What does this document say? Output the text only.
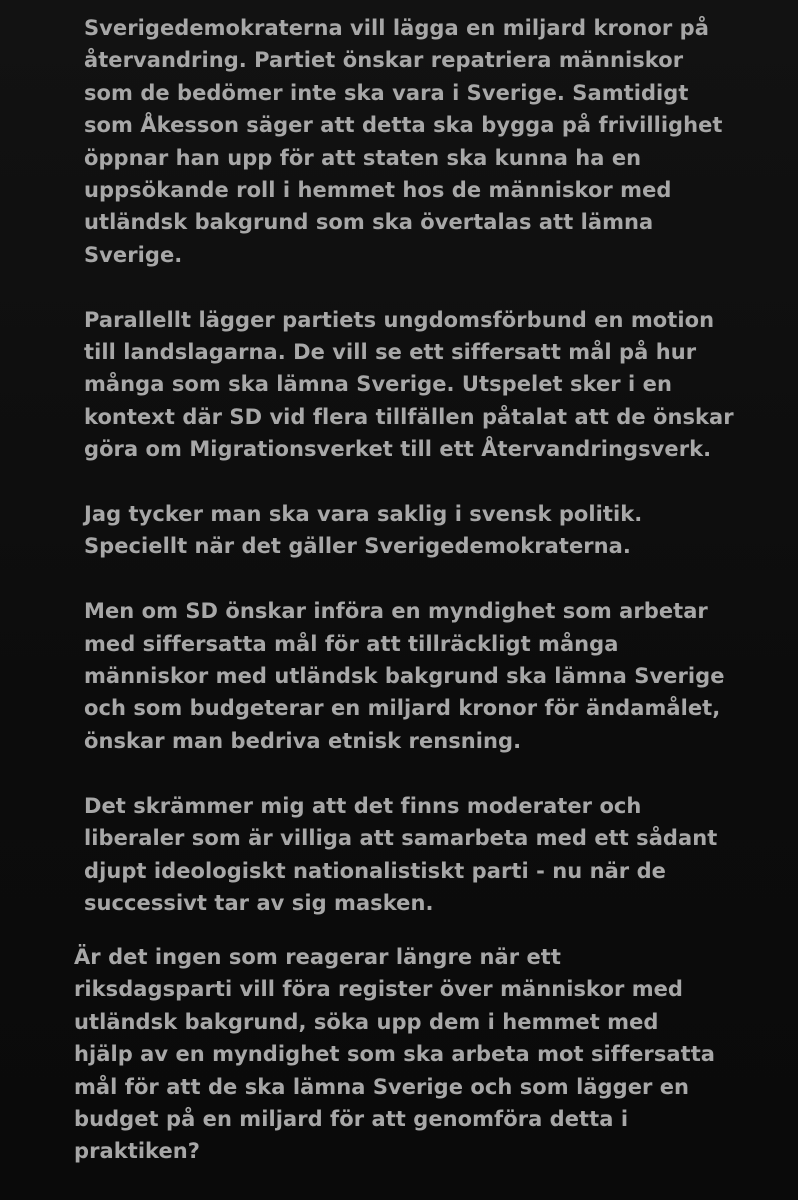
Sverigedemokraterna vill lägga en miljard kronor på
återvandring. Partiet önskar repatriera människor
som de bedömer inte ska vara i Sverige. Samtidigt
som Åkesson säger att detta ska bygga på frivillighet
öppnar han upp för att staten ska kunna ha en
uppsökande roll i hemmet hos de människor med
utländsk bakgrund som ska övertalas att lämna
Sverige.

Parallellt lägger partiets ungdomsförbund en motion
till landslagarna. De vill se ett siffersatt mål på hur
många som ska lämna Sverige. Utspelet sker i en
kontext där SD vid flera tillfällen påtalat att de önskar
göra om Migrationsverket till ett Återvandringsverk.

Jag tycker man ska vara saklig i svensk politik.
Speciellt när det gäller Sverigedemokraterna.

Men om SD önskar införa en myndighet som arbetar
med siffersatta mål för att tillräckligt många
människor med utländsk bakgrund ska lämna Sverige
och som budgeterar en miljard kronor för ändamålet,
önskar man bedriva etnisk rensning.

Det skrämmer mig att det finns moderater och
liberaler som är villiga att samarbeta med ett sådant
djupt ideologiskt nationalistiskt parti - nu när de
successivt tar av sig masken.

Är det ingen som reagerar längre när ett
riksdagsparti vill föra register över människor med
utländsk bakgrund, söka upp dem i hemmet med
hjälp av en myndighet som ska arbeta mot siffersatta
mål för att de ska lämna Sverige och som lägger en
budget på en miljard för att genomföra detta i
praktiken?
